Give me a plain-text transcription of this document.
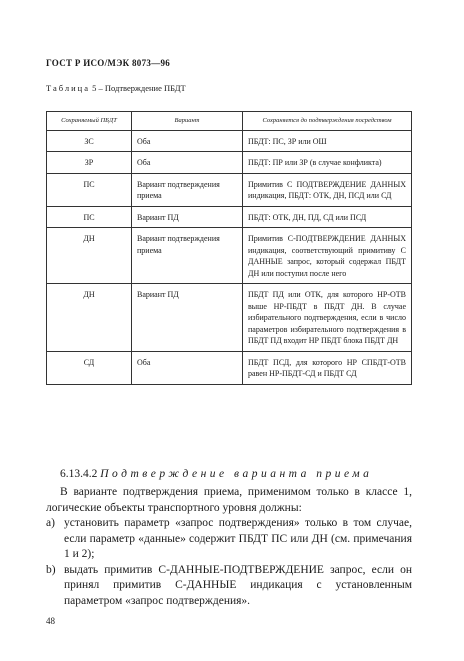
ГОСТ Р ИСО/МЭК 8073—96
Таблица 5 – Подтверждение ПБДТ
Сохраняемый ПБДТ	Вариант	Сохраняется до подтверждения посредством
ЗС	Оба	ПБДТ: ПС, ЗР или ОШ
ЗР	Оба	ПБДТ: ПР или ЗР (в случае конфликта)
ПС	Вариант подтверждения приема	Примитив С ПОДТВЕРЖДЕНИЕ ДАННЫХ индикация, ПБДТ: ОТК, ДН, ПСД или СД
ПС	Вариант ПД	ПБДТ: ОТК, ДН, ПД, СД или ПСД
ДН	Вариант подтверждения приема	Примитив С-ПОДТВЕРЖДЕНИЕ ДАННЫХ индикация, соответствующий примитиву С ДАННЫЕ запрос, который содержал ПБДТ ДН или поступил после него
ДН	Вариант ПД	ПБДТ ПД или ОТК, для которого НР-ОТВ выше НР-ПБДТ в ПБДТ ДН. В случае избирательного подтверждения, если в число параметров избирательного подтверждения в ПБДТ ПД входит НР ПБДТ блока ПБДТ ДН
СД	Оба	ПБДТ ПСД, для которого НР СПБДТ-ОТВ равен НР-ПБДТ-СД и ПБДТ СД
6.13.4.2 Подтверждение варианта приема
В варианте подтверждения приема, применимом только в классе 1, логические объекты транспортного уровня должны:
а) установить параметр «запрос подтверждения» только в том случае, если параметр «данные» содержит ПБДТ ПС или ДН (см. примечания 1 и 2);
b) выдать примитив С-ДАННЫЕ-ПОДТВЕРЖДЕНИЕ запрос, если он принял примитив С-ДАННЫЕ индикация с установленным параметром «запрос подтверждения».
48
